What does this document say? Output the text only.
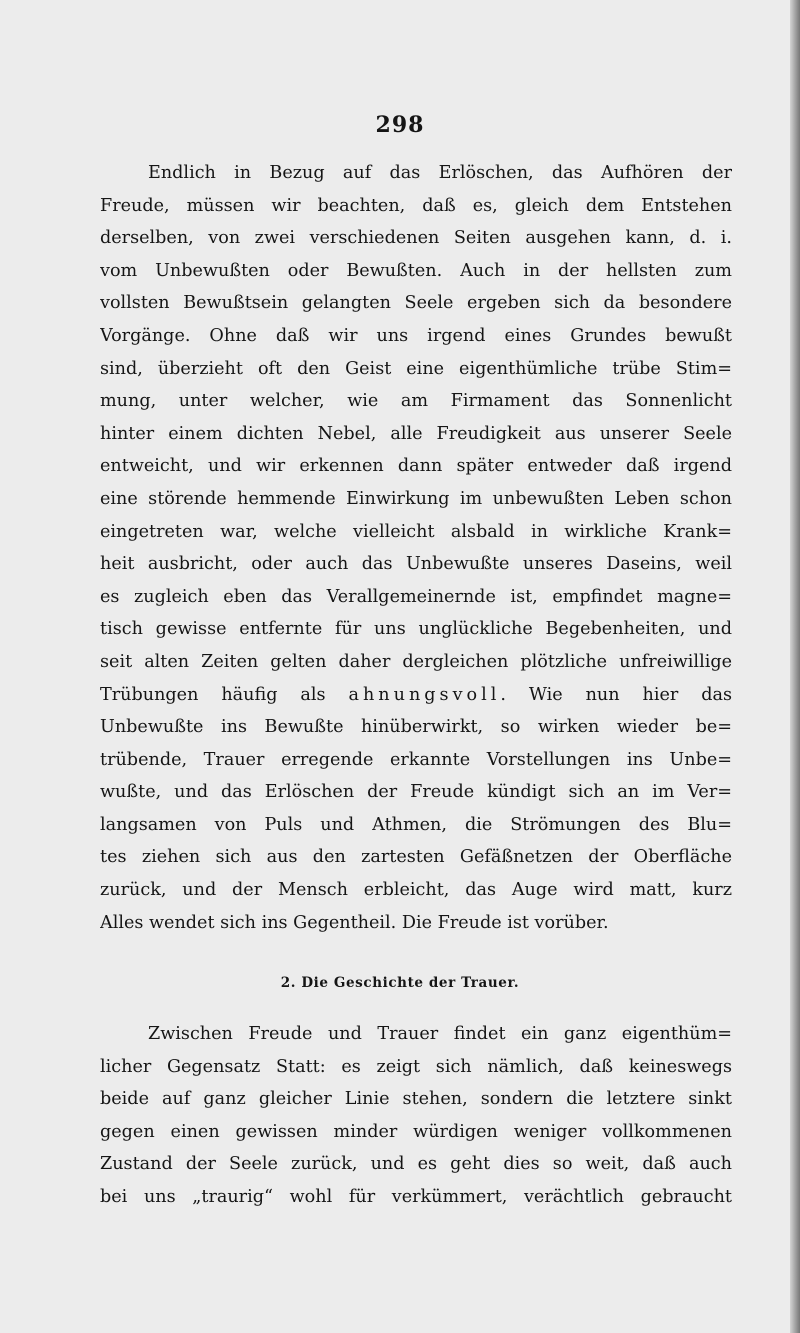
298
Endlich in Bezug auf das Erlöschen, das Aufhören der
Freude, müssen wir beachten, daß es, gleich dem Entstehen
derselben, von zwei verschiedenen Seiten ausgehen kann, d. i.
vom Unbewußten oder Bewußten. Auch in der hellsten zum
vollsten Bewußtsein gelangten Seele ergeben sich da besondere
Vorgänge. Ohne daß wir uns irgend eines Grundes bewußt
sind, überzieht oft den Geist eine eigenthümliche trübe Stim=
mung, unter welcher, wie am Firmament das Sonnenlicht
hinter einem dichten Nebel, alle Freudigkeit aus unserer Seele
entweicht, und wir erkennen dann später entweder daß irgend
eine störende hemmende Einwirkung im unbewußten Leben schon
eingetreten war, welche vielleicht alsbald in wirkliche Krank=
heit ausbricht, oder auch das Unbewußte unseres Daseins, weil
es zugleich eben das Verallgemeinernde ist, empfindet magne=
tisch gewisse entfernte für uns unglückliche Begebenheiten, und
seit alten Zeiten gelten daher dergleichen plötzliche unfreiwillige
Trübungen häufig als ahnungsvoll. Wie nun hier das
Unbewußte ins Bewußte hinüberwirkt, so wirken wieder be=
trübende, Trauer erregende erkannte Vorstellungen ins Unbe=
wußte, und das Erlöschen der Freude kündigt sich an im Ver=
langsamen von Puls und Athmen, die Strömungen des Blu=
tes ziehen sich aus den zartesten Gefäßnetzen der Oberfläche
zurück, und der Mensch erbleicht, das Auge wird matt, kurz
Alles wendet sich ins Gegentheil. Die Freude ist vorüber.
2. Die Geschichte der Trauer.
Zwischen Freude und Trauer findet ein ganz eigenthüm=
licher Gegensatz Statt: es zeigt sich nämlich, daß keineswegs
beide auf ganz gleicher Linie stehen, sondern die letztere sinkt
gegen einen gewissen minder würdigen weniger vollkommenen
Zustand der Seele zurück, und es geht dies so weit, daß auch
bei uns „traurig“ wohl für verkümmert, verächtlich gebraucht
